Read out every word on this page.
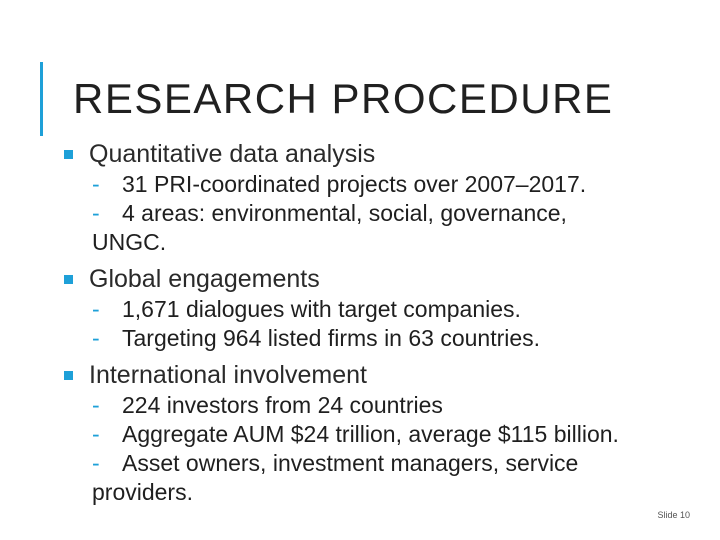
RESEARCH PROCEDURE
Quantitative data analysis
- 31 PRI-coordinated projects over 2007–2017.
- 4 areas: environmental, social, governance,
UNGC.
Global engagements
- 1,671 dialogues with target companies.
- Targeting 964 listed firms in 63 countries.
International involvement
- 224 investors from 24 countries
- Aggregate AUM $24 trillion, average $115 billion.
- Asset owners, investment managers, service
providers.
Slide 10
